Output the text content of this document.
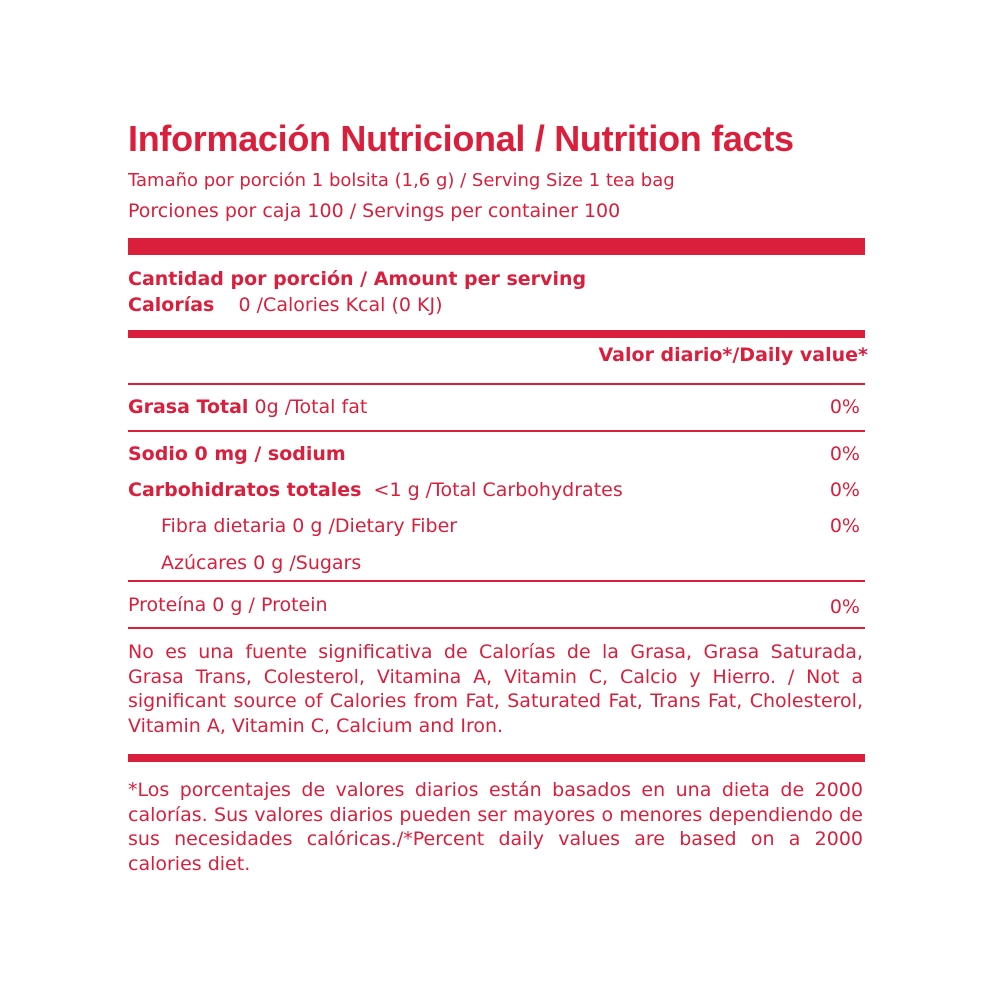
Información Nutricional / Nutrition facts
Tamaño por porción 1 bolsita (1,6 g) / Serving Size 1 tea bag
Porciones por caja 100 / Servings per container 100
Cantidad por porción / Amount per serving
Calorías 0 /Calories Kcal (0 KJ)
Valor diario*/Daily value*
Grasa Total 0g /Total fat	0%
Sodio 0 mg / sodium	0%
Carbohidratos totales <1 g /Total Carbohydrates	0%
Fibra dietaria 0 g /Dietary Fiber	0%
Azúcares 0 g /Sugars
Proteína 0 g / Protein	0%
No es una fuente significativa de Calorías de la Grasa, Grasa Saturada, Grasa Trans, Colesterol, Vitamina A, Vitamin C, Calcio y Hierro. / Not a significant source of Calories from Fat, Saturated Fat, Trans Fat, Cholesterol, Vitamin A, Vitamin C, Calcium and Iron.
*Los porcentajes de valores diarios están basados en una dieta de 2000 calorías. Sus valores diarios pueden ser mayores o menores dependiendo de sus necesidades calóricas./*Percent daily values are based on a 2000 calories diet.
